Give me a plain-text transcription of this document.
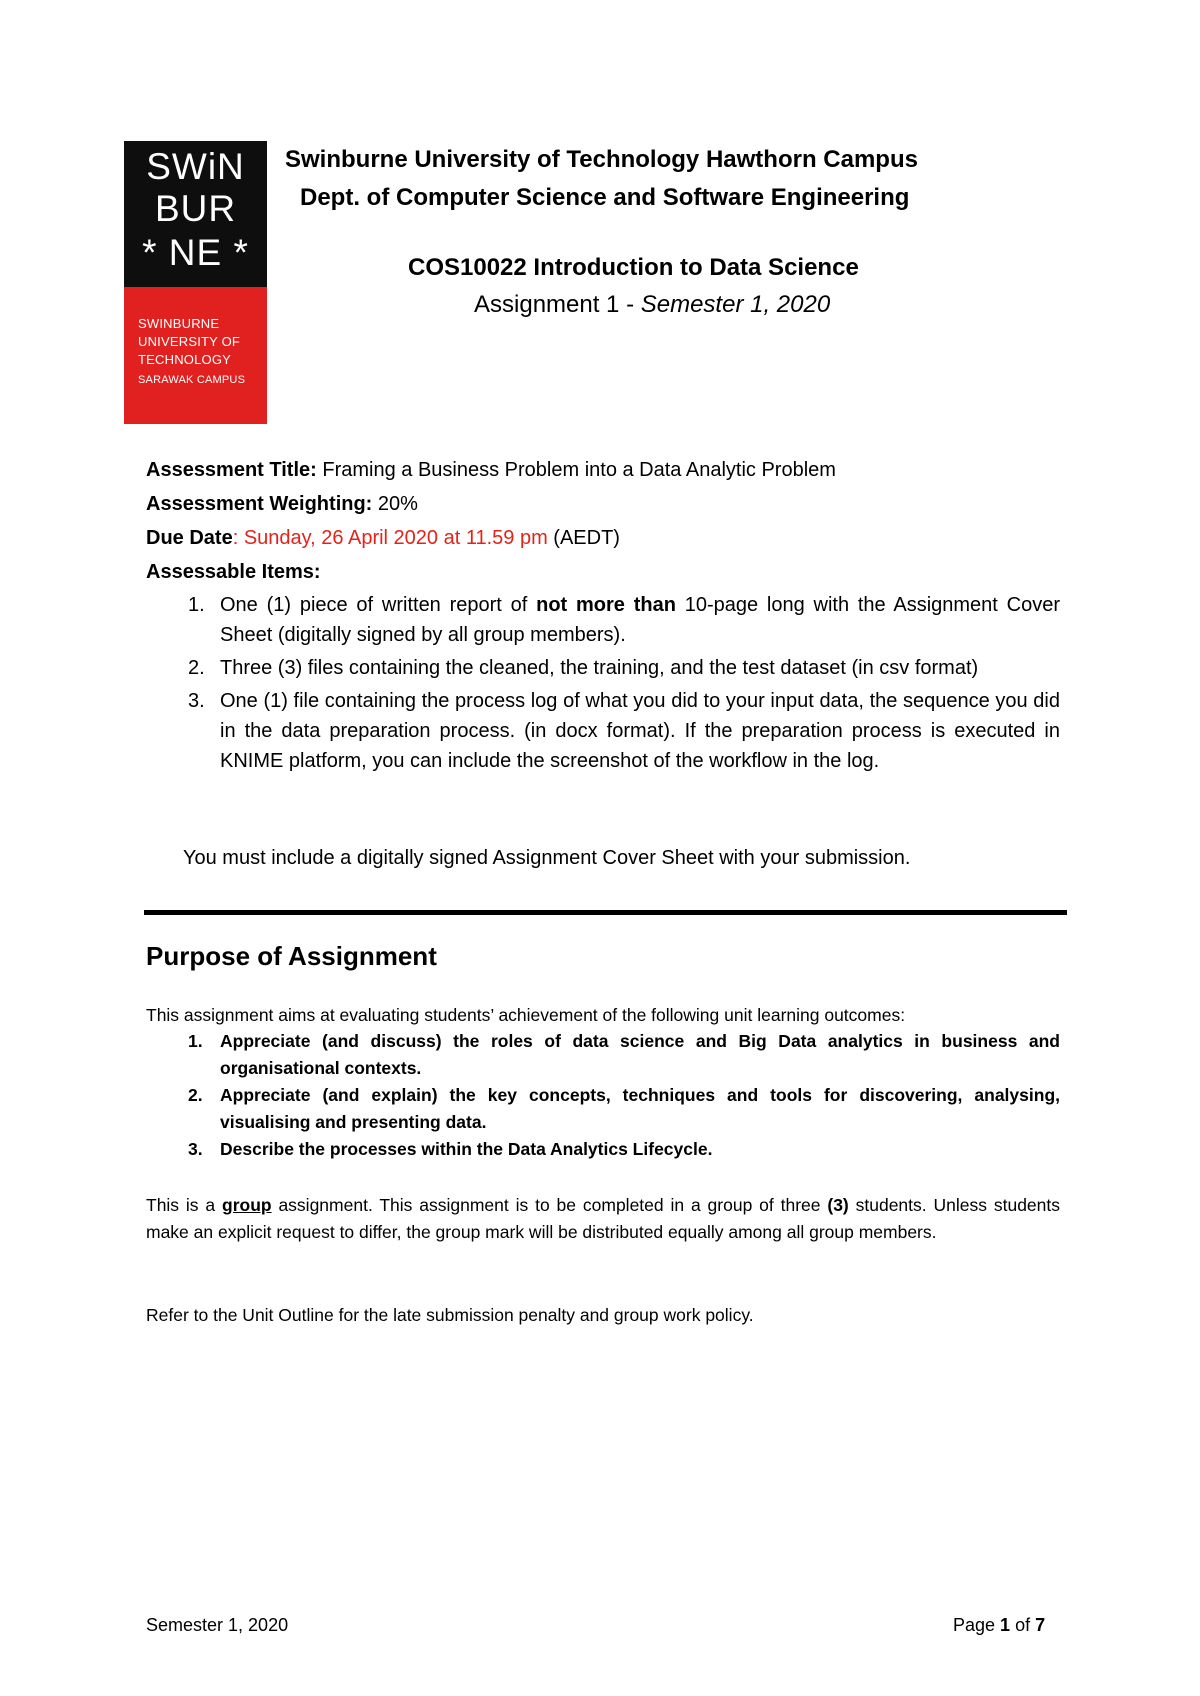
SWiN
BUR
* NE *
SWINBURNE
UNIVERSITY OF
TECHNOLOGY
SARAWAK CAMPUS
Swinburne University of Technology Hawthorn Campus
Dept. of Computer Science and Software Engineering
COS10022 Introduction to Data Science
Assignment 1 - Semester 1, 2020
Assessment Title: Framing a Business Problem into a Data Analytic Problem
Assessment Weighting: 20%
Due Date: Sunday, 26 April 2020 at 11.59 pm (AEDT)
Assessable Items:
1. One (1) piece of written report of not more than 10-page long with the Assignment Cover Sheet (digitally signed by all group members).
2. Three (3) files containing the cleaned, the training, and the test dataset (in csv format)
3. One (1) file containing the process log of what you did to your input data, the sequence you did in the data preparation process. (in docx format). If the preparation process is executed in KNIME platform, you can include the screenshot of the workflow in the log.
You must include a digitally signed Assignment Cover Sheet with your submission.
Purpose of Assignment
This assignment aims at evaluating students’ achievement of the following unit learning outcomes:
1. Appreciate (and discuss) the roles of data science and Big Data analytics in business and organisational contexts.
2. Appreciate (and explain) the key concepts, techniques and tools for discovering, analysing, visualising and presenting data.
3. Describe the processes within the Data Analytics Lifecycle.
This is a group assignment. This assignment is to be completed in a group of three (3) students. Unless students make an explicit request to differ, the group mark will be distributed equally among all group members.
Refer to the Unit Outline for the late submission penalty and group work policy.
Semester 1, 2020	Page 1 of 7
